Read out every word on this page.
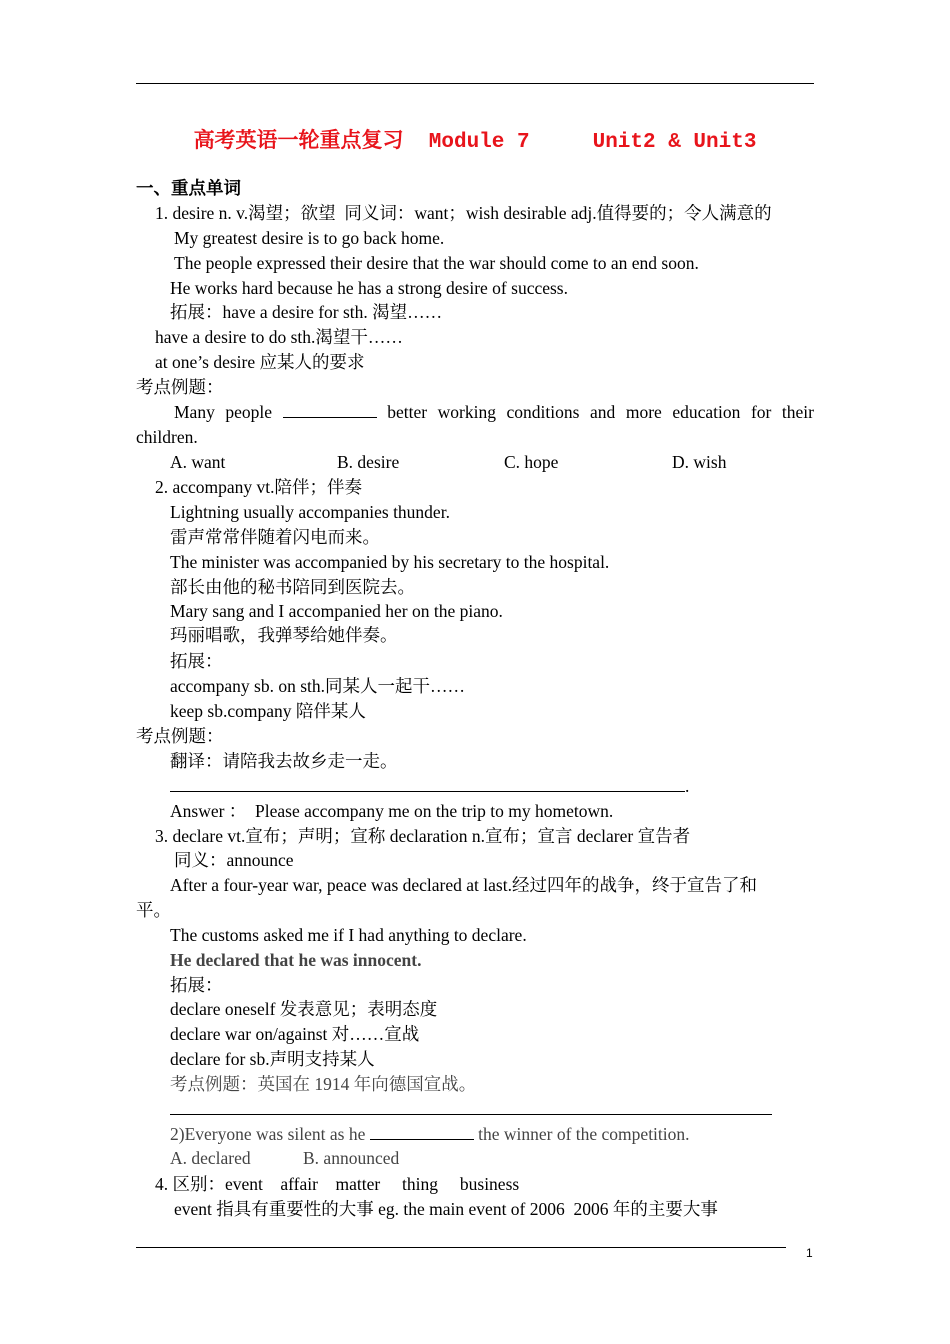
高考英语一轮重点复习  Module 7     Unit2 & Unit3
一、重点单词
1. desire n. v.渴望；欲望  同义词：want；wish desirable adj.值得要的；令人满意的
My greatest desire is to go back home.
The people expressed their desire that the war should come to an end soon.
He works hard because he has a strong desire of success.
拓展：have a desire for sth. 渴望……
have a desire to do sth.渴望干……
at one’s desire 应某人的要求
考点例题：
Many people	better working conditions and more education for their
children.
A. want	B. desire	C. hope	D. wish
2. accompany vt.陪伴；伴奏
Lightning usually accompanies thunder.
雷声常常伴随着闪电而来。
The minister was accompanied by his secretary to the hospital.
部长由他的秘书陪同到医院去。
Mary sang and I accompanied her on the piano.
玛丽唱歌，我弹琴给她伴奏。
拓展：
accompany sb. on sth.同某人一起干……
keep sb.company 陪伴某人
考点例题：
翻译：请陪我去故乡走一走。
.
Answer ：  Please accompany me on the trip to my hometown.
3. declare vt.宣布；声明；宣称 declaration n.宣布；宣言 declarer 宣告者
同义：announce
After a four-year war, peace was declared at last.经过四年的战争，终于宣告了和
平。
The customs asked me if I had anything to declare.
He declared that he was innocent.
拓展：
declare oneself 发表意见；表明态度
declare war on/against 对……宣战
declare for sb.声明支持某人
考点例题：英国在 1914 年向德国宣战。
2)Everyone was silent as he	the winner of the competition.
A. declared	B. announced
4. 区别：event    affair    matter     thing     business
event 指具有重要性的大事 eg. the main event of 2006  2006 年的主要大事
1
